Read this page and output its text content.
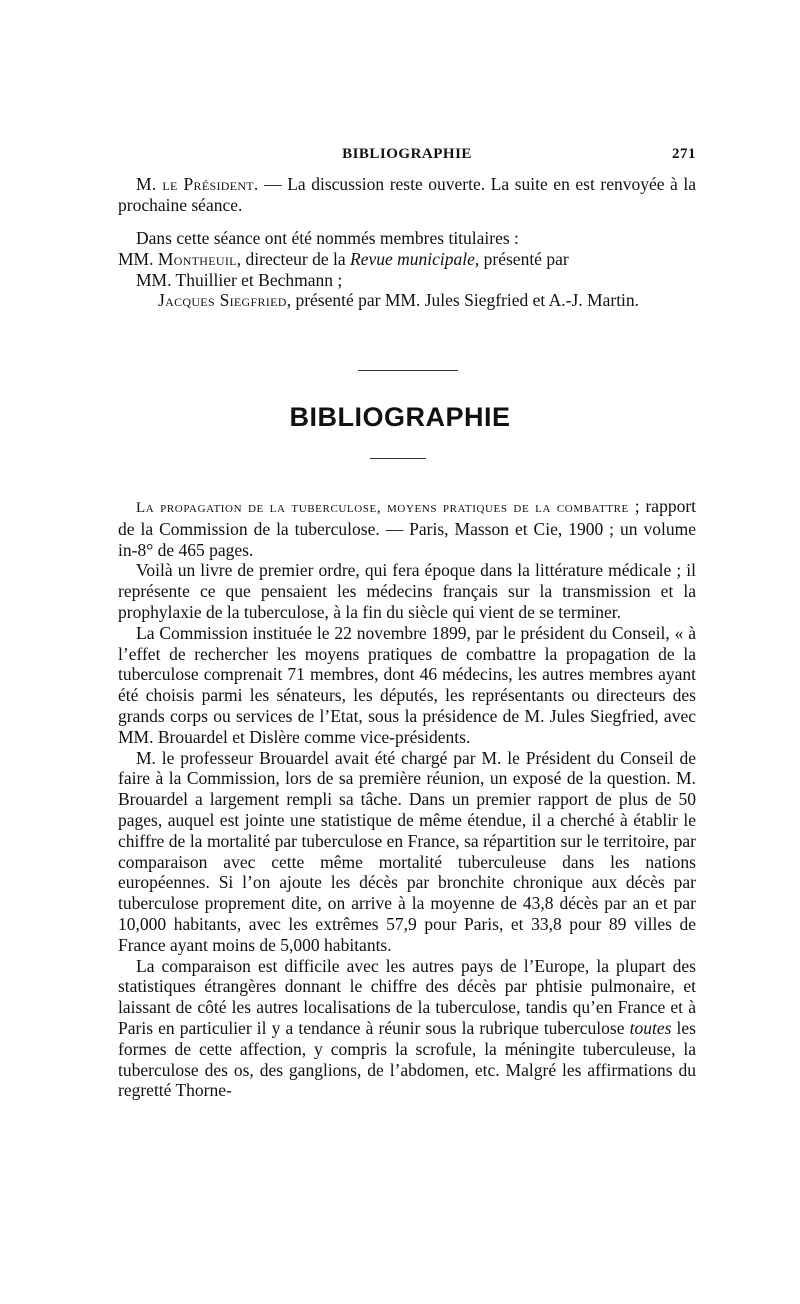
BIBLIOGRAPHIE	271

M. le Président. — La discussion reste ouverte. La suite en est renvoyée à la prochaine séance.

Dans cette séance ont été nommés membres titulaires :

MM. Montheuil, directeur de la Revue municipale, présenté par

MM. Thuillier et Bechmann ;

Jacques Siegfried, présenté par MM. Jules Siegfried et A.-J. Martin.

BIBLIOGRAPHIE

La propagation de la tuberculose, moyens pratiques de la combattre ; rapport de la Commission de la tuberculose. — Paris, Masson et Cie, 1900 ; un volume in-8° de 465 pages.

Voilà un livre de premier ordre, qui fera époque dans la littérature médicale ; il représente ce que pensaient les médecins français sur la transmission et la prophylaxie de la tuberculose, à la fin du siècle qui vient de se terminer.

La Commission instituée le 22 novembre 1899, par le président du Conseil, « à l’effet de rechercher les moyens pratiques de combattre la propagation de la tuberculose comprenait 71 membres, dont 46 médecins, les autres membres ayant été choisis parmi les sénateurs, les députés, les représentants ou directeurs des grands corps ou services de l’Etat, sous la présidence de M. Jules Siegfried, avec MM. Brouardel et Dislère comme vice-présidents.

M. le professeur Brouardel avait été chargé par M. le Président du Conseil de faire à la Commission, lors de sa première réunion, un exposé de la question. M. Brouardel a largement rempli sa tâche. Dans un premier rapport de plus de 50 pages, auquel est jointe une statistique de même étendue, il a cherché à établir le chiffre de la mortalité par tuberculose en France, sa répartition sur le territoire, par comparaison avec cette même mortalité tuberculeuse dans les nations européennes. Si l’on ajoute les décès par bronchite chronique aux décès par tuberculose proprement dite, on arrive à la moyenne de 43,8 décès par an et par 10,000 habitants, avec les extrêmes 57,9 pour Paris, et 33,8 pour 89 villes de France ayant moins de 5,000 habitants.

La comparaison est difficile avec les autres pays de l’Europe, la plupart des statistiques étrangères donnant le chiffre des décès par phtisie pulmonaire, et laissant de côté les autres localisations de la tuberculose, tandis qu’en France et à Paris en particulier il y a tendance à réunir sous la rubrique tuberculose toutes les formes de cette affection, y compris la scrofule, la méningite tuberculeuse, la tuberculose des os, des ganglions, de l’abdomen, etc. Malgré les affirmations du regretté Thorne-
